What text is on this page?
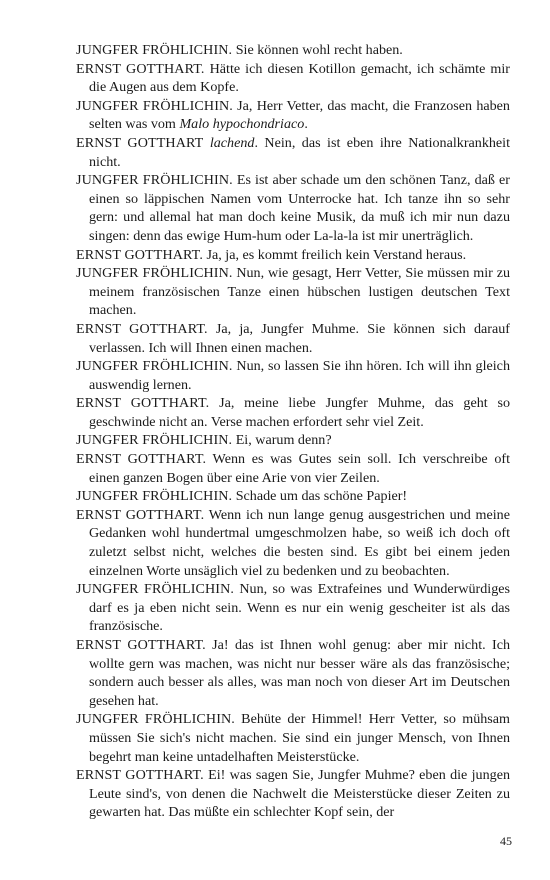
JUNGFER FRÖHLICHIN. Sie können wohl recht haben.

ERNST GOTTHART. Hätte ich diesen Kotillon gemacht, ich schämte mir die Augen aus dem Kopfe.

JUNGFER FRÖHLICHIN. Ja, Herr Vetter, das macht, die Franzosen haben selten was vom Malo hypochondriaco.

ERNST GOTTHART lachend. Nein, das ist eben ihre Nationalkrankheit nicht.

JUNGFER FRÖHLICHIN. Es ist aber schade um den schönen Tanz, daß er einen so läppischen Namen vom Unterrocke hat. Ich tanze ihn so sehr gern: und allemal hat man doch keine Musik, da muß ich mir nun dazu singen: denn das ewige Hum-hum oder La-la-la ist mir unerträglich.

ERNST GOTTHART. Ja, ja, es kommt freilich kein Verstand heraus.

JUNGFER FRÖHLICHIN. Nun, wie gesagt, Herr Vetter, Sie müssen mir zu meinem französischen Tanze einen hübschen lustigen deutschen Text machen.

ERNST GOTTHART. Ja, ja, Jungfer Muhme. Sie können sich darauf verlassen. Ich will Ihnen einen machen.

JUNGFER FRÖHLICHIN. Nun, so lassen Sie ihn hören. Ich will ihn gleich auswendig lernen.

ERNST GOTTHART. Ja, meine liebe Jungfer Muhme, das geht so geschwinde nicht an. Verse machen erfordert sehr viel Zeit.

JUNGFER FRÖHLICHIN. Ei, warum denn?

ERNST GOTTHART. Wenn es was Gutes sein soll. Ich verschreibe oft einen ganzen Bogen über eine Arie von vier Zeilen.

JUNGFER FRÖHLICHIN. Schade um das schöne Papier!

ERNST GOTTHART. Wenn ich nun lange genug ausgestrichen und meine Gedanken wohl hundertmal umgeschmolzen habe, so weiß ich doch oft zuletzt selbst nicht, welches die besten sind. Es gibt bei einem jeden einzelnen Worte unsäglich viel zu bedenken und zu beobachten.

JUNGFER FRÖHLICHIN. Nun, so was Extrafeines und Wunderwürdiges darf es ja eben nicht sein. Wenn es nur ein wenig gescheiter ist als das französische.

ERNST GOTTHART. Ja! das ist Ihnen wohl genug: aber mir nicht. Ich wollte gern was machen, was nicht nur besser wäre als das französische; sondern auch besser als alles, was man noch von dieser Art im Deutschen gesehen hat.

JUNGFER FRÖHLICHIN. Behüte der Himmel! Herr Vetter, so mühsam müssen Sie sich's nicht machen. Sie sind ein junger Mensch, von Ihnen begehrt man keine untadelhaften Meisterstücke.

ERNST GOTTHART. Ei! was sagen Sie, Jungfer Muhme? eben die jungen Leute sind's, von denen die Nachwelt die Meisterstücke dieser Zeiten zu gewarten hat. Das müßte ein schlechter Kopf sein, der

45
